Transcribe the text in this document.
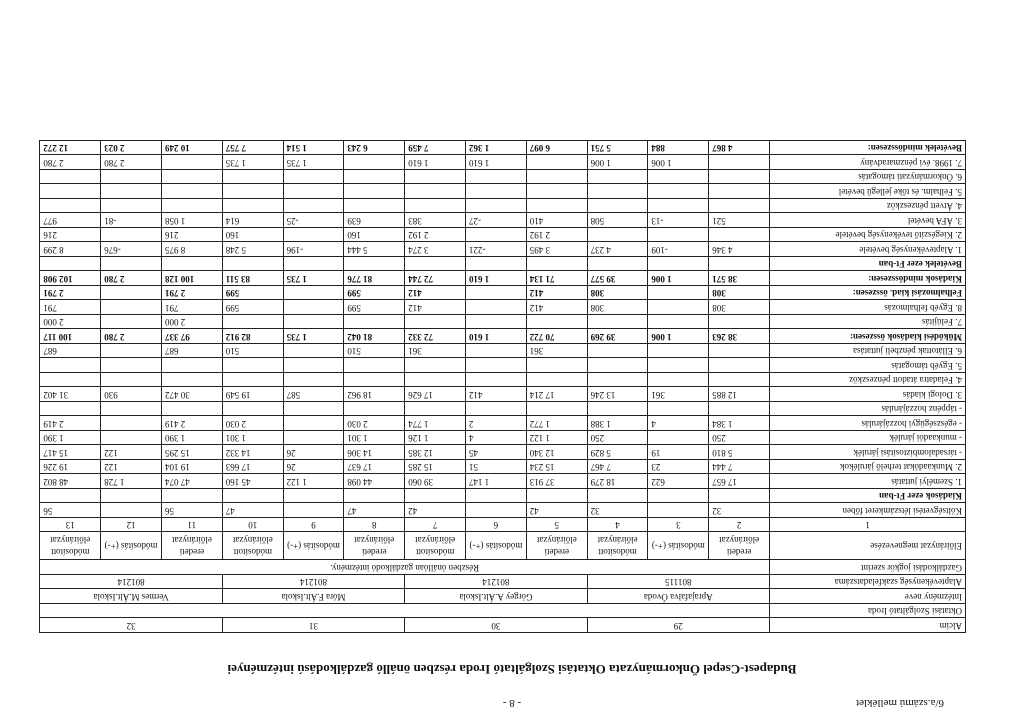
6/a.számú melléklet
- 8 -
Budapest-Csepel Önkormányzata Oktatási Szolgáltató Iroda részben önálló gazdálkodású intézményei
Alcím	29			30			31			32		
Oktatási Szolgáltató Iroda												
Intézmény neve	Aprajafalva Óvoda			Görgey A.Ált.Iskola			Móra F.Ált.Iskola			Vermes M.Ált.Iskola		
Alaptevékenység szakfeladatszáma	801115			801214			801214			801214		
Gazdálkodási jogkör szerint	Részben önállóan gazdálkodó intézmény.											
Előirányzat megnevezése	eredeti előirányzat	módosítás (+-)	módosított előirányzat	eredeti előirányzat	módosítás (+-)	módosított előirányzat	eredeti előirányzat	módosítás (+-)	módosított előirányzat	eredeti előirányzat	módosítás (+-)	módosított előirányzat
1	2	3	4	5	6	7	8	9	10	11	12	13
Költségvetési létszámkeret főben	32		32	42		42	47		47	56		56
Kiadások ezer Ft-ban												
1. Személyi juttatás	17 657	622	18 279	37 913	1 147	39 060	44 098	1 122	45 160	47 074	1 728	48 802
2. Munkaadókat terhelő járulékok	7 444	23	7 467	15 234	51	15 285	17 637	26	17 663	19 104	122	19 226
- társadalombiztosítási járulék	5 810	19	5 829	12 340	45	12 385	14 306	26	14 332	15 295	122	15 417
- munkaadói járulék	250		250	1 122	4	1 126	1 301		1 301	1 390		1 390
- egészségügyi hozzájárulás	1 384	4	1 388	1 772	2	1 774	2 030		2 030	2 419		2 419
- táppénz hozzájárulás												
3. Dologi kiadás	12 885	361	13 246	17 214	412	17 626	18 962	587	19 549	30 472	930	31 402
4. Feladatra átadott pénzeszköz												
5. Egyéb támogatás												
6. Ellátottak pénzbeli juttatása				361		361	510		510	687		687
Működési kiadások összesen:	38 263	1 006	39 269	70 722	1 610	72 332	81 042	1 735	82 912	97 337	2 780	100 117
7. Felújítás										2 000		2 000
8. Egyéb felhalmozás	308		308	412		412	599		599	791		791
Felhalmozási kiad. összesen:	308		308	412		412	599		599	2 791		2 791
Kiadások mindösszesen:	38 571	1 006	39 577	71 134	1 610	72 744	81 776	1 735	83 511	100 128	2 780	102 908
Bevételek ezer Ft-ban												
1. Alaptevékenység bevétele	4 346	-109	4 237	3 495	-221	3 274	5 444	-196	5 248	8 975	-676	8 299
2. Kiegészítő tevékenység bevétele				2 192		2 192	160		160	216		216
3. ÁFA bevétel	521	-13	508	410	-27	383	639	-25	614	1 058	-81	977
4. Átvett pénzeszköz												
5. Felhalm. és tőke jellegű bevétel												
6. Önkormányzati támogatás												
7. 1998. évi pénzmaradvány		1 006	1 006		1 610	1 610		1 735	1 735		2 780	2 780
Bevételek mindösszesen:	4 867	884	5 751	6 097	1 362	7 459	6 243	1 514	7 757	10 249	2 023	12 272
